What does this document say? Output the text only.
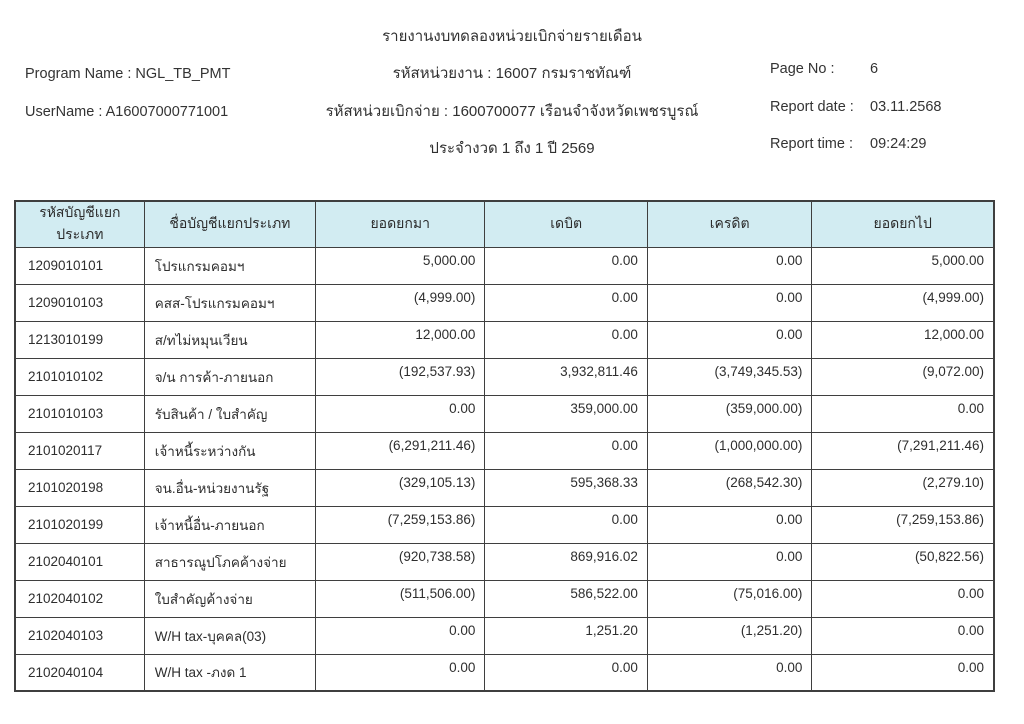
รายงานงบทดลองหน่วยเบิกจ่ายรายเดือน
รหัสหน่วยงาน : 16007 กรมราชทัณฑ์
รหัสหน่วยเบิกจ่าย : 1600700077 เรือนจำจังหวัดเพชรบูรณ์
ประจำงวด 1 ถึง 1 ปี 2569
Program Name : NGL_TB_PMT
UserName : A16007000771001
Page No : 6
Report date : 03.11.2568
Report time : 09:24:29
รหัสบัญชีแยกประเภท	ชื่อบัญชีแยกประเภท	ยอดยกมา	เดบิต	เครดิต	ยอดยกไป
1209010101	โปรแกรมคอมฯ	5,000.00	0.00	0.00	5,000.00
1209010103	คสส-โปรแกรมคอมฯ	(4,999.00)	0.00	0.00	(4,999.00)
1213010199	ส/ทไม่หมุนเวียน	12,000.00	0.00	0.00	12,000.00
2101010102	จ/น การค้า-ภายนอก	(192,537.93)	3,932,811.46	(3,749,345.53)	(9,072.00)
2101010103	รับสินค้า / ใบสำคัญ	0.00	359,000.00	(359,000.00)	0.00
2101020117	เจ้าหนี้ระหว่างกัน	(6,291,211.46)	0.00	(1,000,000.00)	(7,291,211.46)
2101020198	จน.อื่น-หน่วยงานรัฐ	(329,105.13)	595,368.33	(268,542.30)	(2,279.10)
2101020199	เจ้าหนี้อื่น-ภายนอก	(7,259,153.86)	0.00	0.00	(7,259,153.86)
2102040101	สาธารณูปโภคค้างจ่าย	(920,738.58)	869,916.02	0.00	(50,822.56)
2102040102	ใบสำคัญค้างจ่าย	(511,506.00)	586,522.00	(75,016.00)	0.00
2102040103	W/H tax-บุคคล(03)	0.00	1,251.20	(1,251.20)	0.00
2102040104	W/H tax -ภงด 1	0.00	0.00	0.00	0.00
